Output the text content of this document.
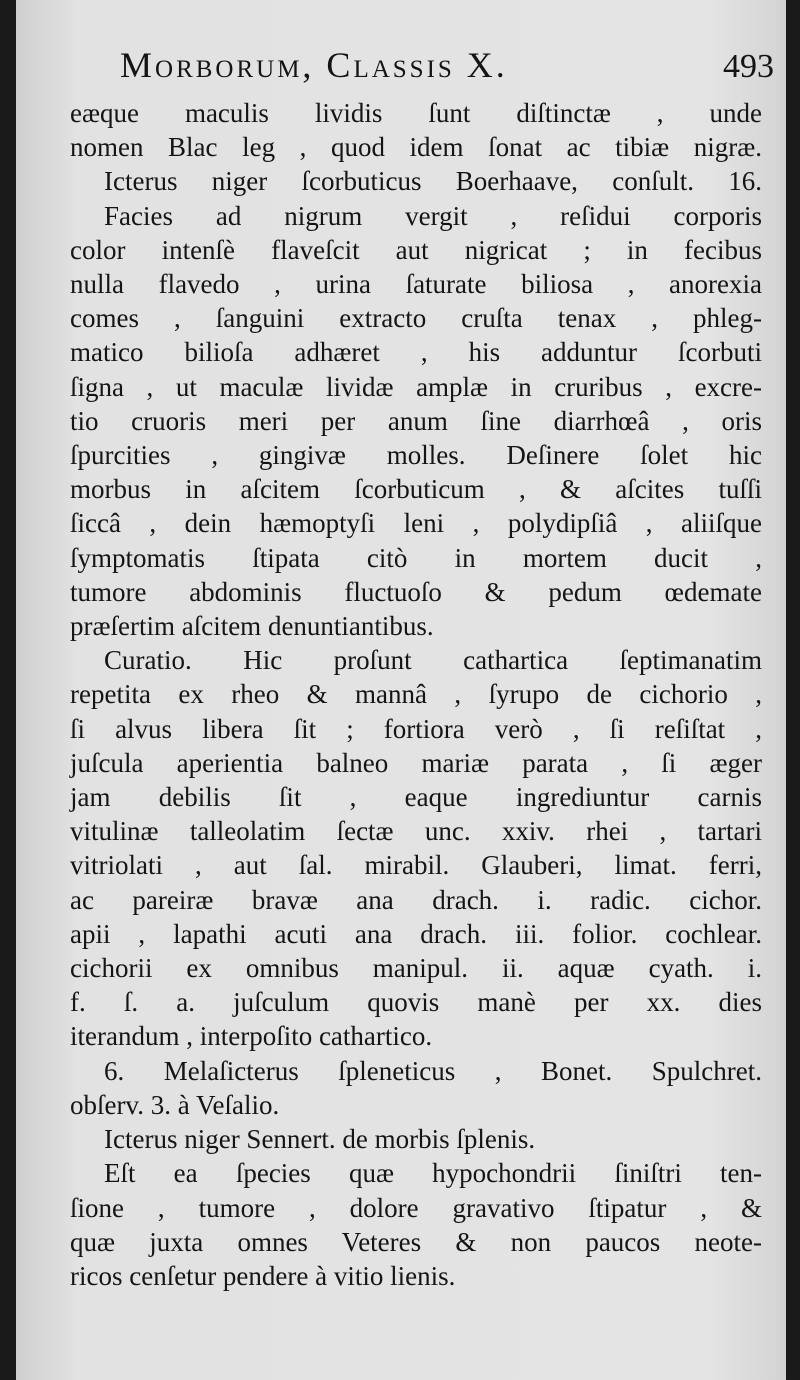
Morborum, Classis X.	493
eæque maculis lividis ſunt diſtinctæ , unde
nomen Blac leg , quod idem ſonat ac tibiæ nigræ.
Icterus niger ſcorbuticus Boerhaave, conſult. 16.
Facies ad nigrum vergit , reſidui corporis
color intenſè flaveſcit aut nigricat ; in fecibus
nulla flavedo , urina ſaturate biliosa , anorexia
comes , ſanguini extracto cruſta tenax , phleg-
matico bilioſa adhæret , his adduntur ſcorbuti
ſigna , ut maculæ lividæ amplæ in cruribus , excre-
tio cruoris meri per anum ſine diarrhœâ , oris
ſpurcities , gingivæ molles. Deſinere ſolet hic
morbus in aſcitem ſcorbuticum , & aſcites tuſſi
ſiccâ , dein hæmoptyſi leni , polydipſiâ , aliiſque
ſymptomatis ſtipata citò in mortem ducit ,
tumore abdominis fluctuoſo & pedum œdemate
præſertim aſcitem denuntiantibus.
Curatio. Hic proſunt cathartica ſeptimanatim
repetita ex rheo & mannâ , ſyrupo de cichorio ,
ſi alvus libera ſit ; fortiora verò , ſi reſiſtat ,
juſcula aperientia balneo mariæ parata , ſi æger
jam debilis ſit , eaque ingrediuntur carnis
vitulinæ talleolatim ſectæ unc. xxiv. rhei , tartari
vitriolati , aut ſal. mirabil. Glauberi, limat. ferri,
ac pareiræ bravæ ana drach. i. radic. cichor.
apii , lapathi acuti ana drach. iii. folior. cochlear.
cichorii ex omnibus manipul. ii. aquæ cyath. i.
f. ſ. a. juſculum quovis manè per xx. dies
iterandum , interpoſito cathartico.
6. Melaſicterus ſpleneticus , Bonet. Spulchret.
obſerv. 3. à Veſalio.
Icterus niger Sennert. de morbis ſplenis.
Eſt ea ſpecies quæ hypochondrii ſiniſtri ten-
ſione , tumore , dolore gravativo ſtipatur , &
quæ juxta omnes Veteres & non paucos neote-
ricos cenſetur pendere à vitio lienis.
